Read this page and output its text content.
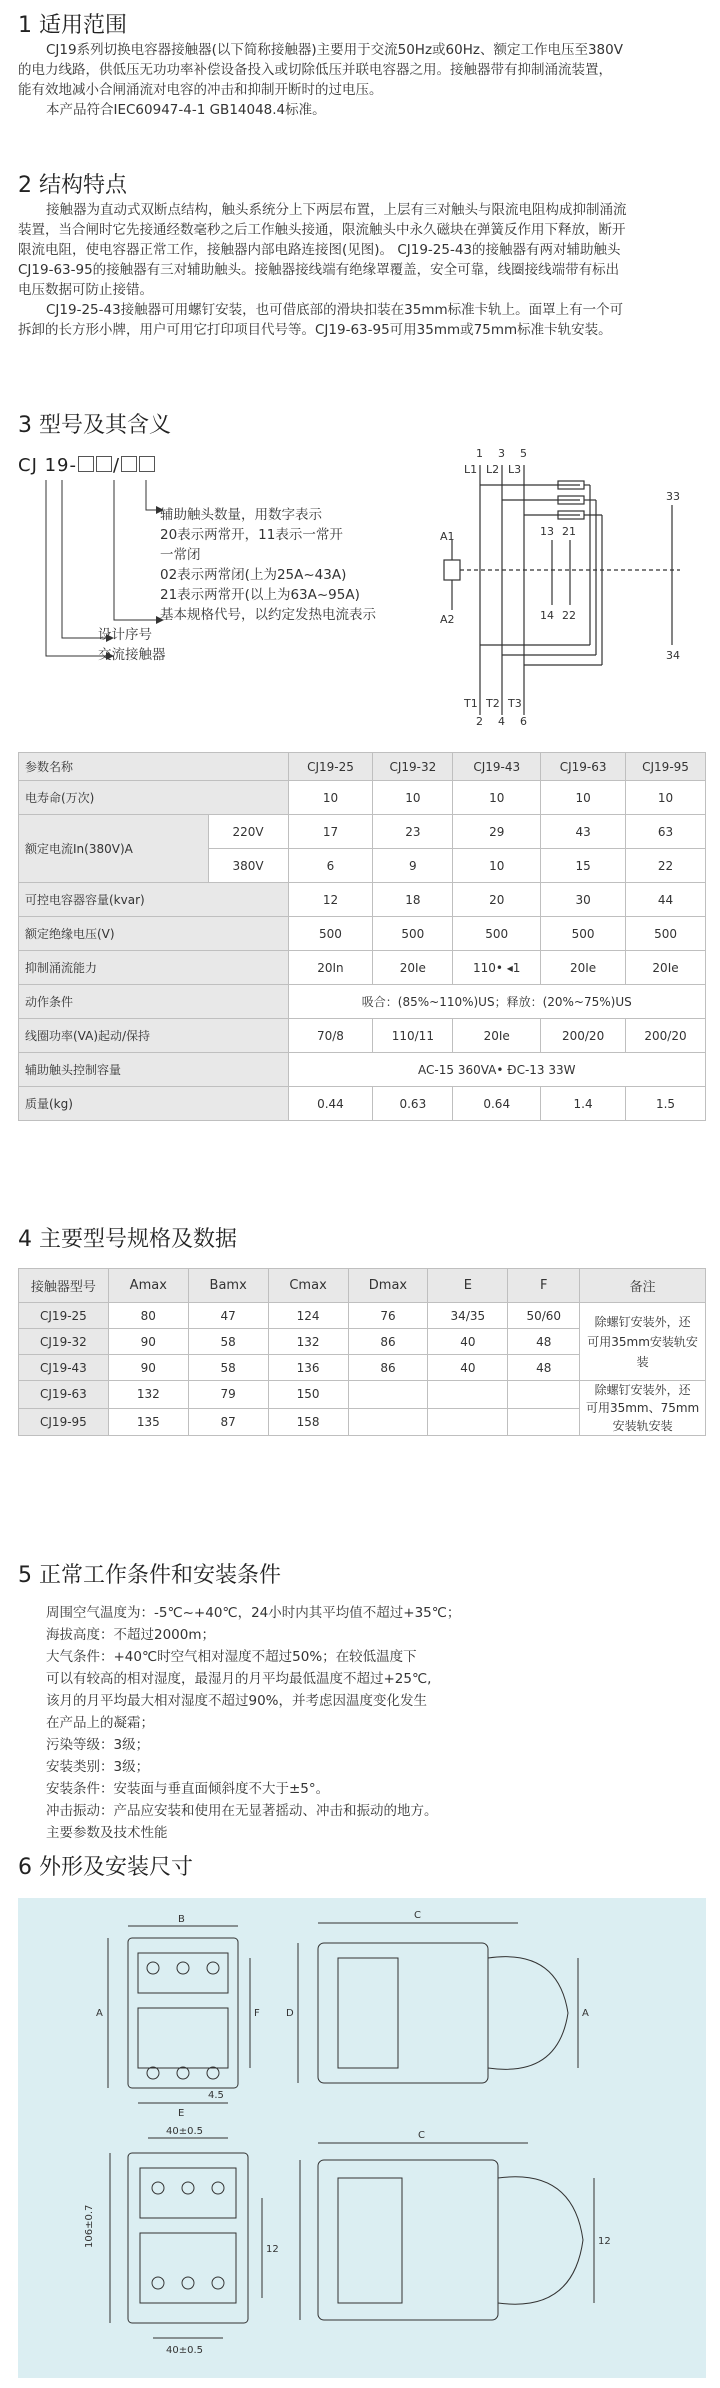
1 适用范围
CJ19系列切换电容器接触器(以下简称接触器)主要用于交流50Hz或60Hz、额定工作电压至380V
的电力线路，供低压无功功率补偿设备投入或切除低压并联电容器之用。接触器带有抑制涌流装置，
能有效地减小合闸涌流对电容的冲击和抑制开断时的过电压。
本产品符合IEC60947-4-1 GB14048.4标准。
2 结构特点
接触器为直动式双断点结构，触头系统分上下两层布置，上层有三对触头与限流电阻构成抑制涌流
装置，当合闸时它先接通经数毫秒之后工作触头接通，限流触头中永久磁块在弹簧反作用下释放，断开
限流电阻，使电容器正常工作，接触器内部电路连接图(见图)。 CJ19-25-43的接触器有两对辅助触头
CJ19-63-95的接触器有三对辅助触头。接触器接线端有绝缘罩覆盖，安全可靠，线圈接线端带有标出
电压数据可防止接错。
CJ19-25-43接触器可用螺钉安装，也可借底部的滑块扣装在35mm标准卡轨上。面罩上有一个可
拆卸的长方形小牌，用户可用它打印项目代号等。CJ19-63-95可用35mm或75mm标准卡轨安装。
3 型号及其含义
CJ 19- /
辅助触头数量，用数字表示
20表示两常开，11表示一常开
一常闭
02表示两常闭(上为25A~43A)
21表示两常开(以上为63A~95A)
基本规格代号，以约定发热电流表示
设计序号
交流接触器
1 3 5
L1 L2 L3
13 21
33
A1
A2	14 22
34
T1 T2 T3
2 4 6
参数名称		CJ19-25	CJ19-32	CJ19-43	CJ19-63	CJ19-95
电寿命(万次)		10	10	10	10	10
额定电流In(380V)A	220V	17	23	29	43	63
	380V	6	9	10	15	22
可控电容器容量(kvar)		12	18	20	30	44
额定绝缘电压(V)		500	500	500	500	500
抑制涌流能力		20In	20Ie	110• ◂1	20Ie	20Ie
动作条件		吸合：(85%~110%)US；释放：(20%~75%)US				
线圈功率(VA)起动/保持		70/8	110/11	20Ie	200/20	200/20
辅助触头控制容量		AC-15 360VA• ĐC-13 33W				
质量(kg)		0.44	0.63	0.64	1.4	1.5
4 主要型号规格及数据
接触器型号	Amax	Bamx	Cmax	Dmax	E	F	备注
CJ19-25	80	47	124	76	34/35	50/60	除螺钉安装外，还
可用35mm安装轨安装

CJ19-32	90	58	132	86	40	48	
CJ19-43	90	58	136	86	40	48	
CJ19-63	132	79	150				除螺钉安装外，还
可用35mm、75mm
安装轨安装

CJ19-95	135	87	158				
5 正常工作条件和安装条件
周围空气温度为：-5℃~+40℃，24小时内其平均值不超过+35℃；
海拔高度：不超过2000m；
大气条件：+40℃时空气相对湿度不超过50%；在较低温度下
可以有较高的相对湿度，最湿月的月平均最低温度不超过+25℃,
该月的月平均最大相对湿度不超过90%，并考虑因温度变化发生
在产品上的凝霜；
污染等级：3级；
安装类别：3级；
安装条件：安装面与垂直面倾斜度不大于±5°。
冲击振动：产品应安装和使用在无显著摇动、冲击和振动的地方。
主要参数及技术性能
6 外形及安装尺寸
B
E
F
A
C
D
4.5
40±0.5
12
106±0.7
A
C
40±0.5
12
